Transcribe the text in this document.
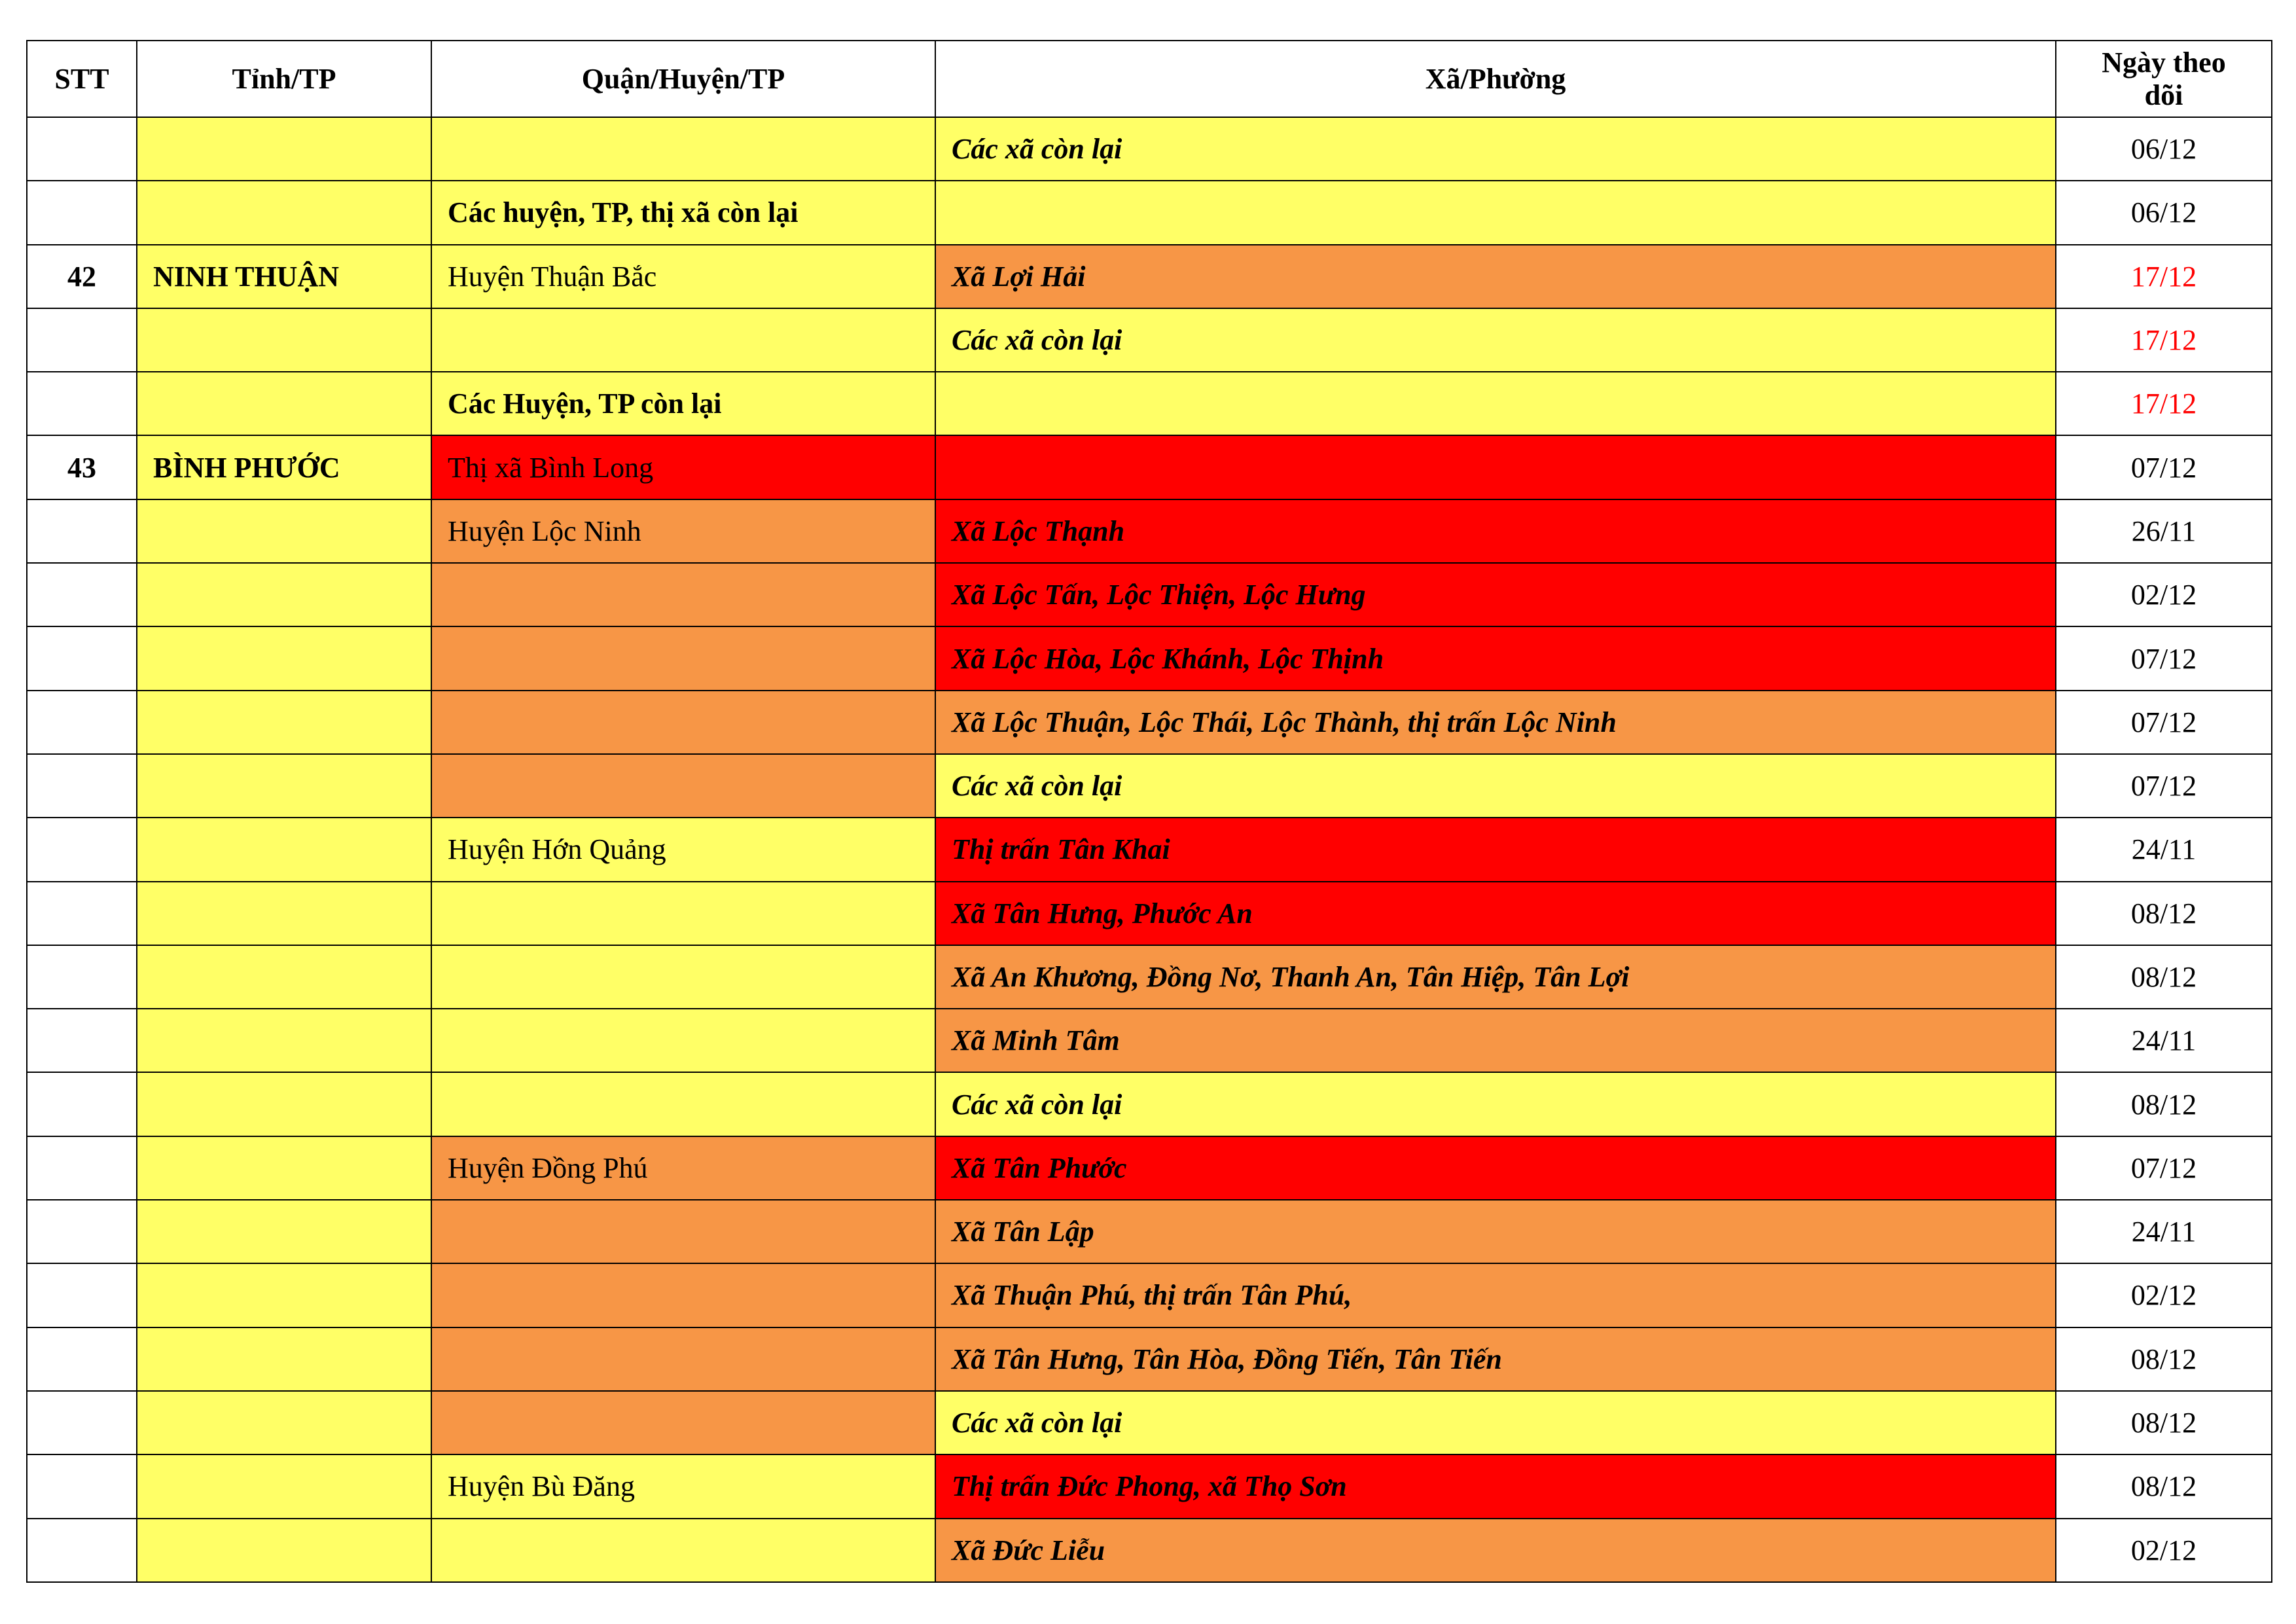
STT	Tỉnh/TP	Quận/Huyện/TP	Xã/Phường	Ngày theo dõi
			Các xã còn lại	06/12
		Các huyện, TP, thị xã còn lại		06/12
42	NINH THUẬN	Huyện Thuận Bắc	Xã Lợi Hải	17/12
			Các xã còn lại	17/12
		Các Huyện, TP còn lại		17/12
43	BÌNH PHƯỚC	Thị xã Bình Long		07/12
		Huyện Lộc Ninh	Xã Lộc Thạnh	26/11
			Xã Lộc Tấn, Lộc Thiện, Lộc Hưng	02/12
			Xã Lộc Hòa, Lộc Khánh, Lộc Thịnh	07/12
			Xã Lộc Thuận, Lộc Thái, Lộc Thành, thị trấn Lộc Ninh	07/12
			Các xã còn lại	07/12
		Huyện Hớn Quảng	Thị trấn Tân Khai	24/11
			Xã Tân Hưng, Phước An	08/12
			Xã An Khương, Đồng Nơ, Thanh An, Tân Hiệp, Tân Lợi	08/12
			Xã Minh Tâm	24/11
			Các xã còn lại	08/12
		Huyện Đồng Phú	Xã Tân Phước	07/12
			Xã Tân Lập	24/11
			Xã Thuận Phú, thị trấn Tân Phú,	02/12
			Xã Tân Hưng, Tân Hòa, Đồng Tiến, Tân Tiến	08/12
			Các xã còn lại	08/12
		Huyện Bù Đăng	Thị trấn Đức Phong, xã Thọ Sơn	08/12
			Xã Đức Liễu	02/12
